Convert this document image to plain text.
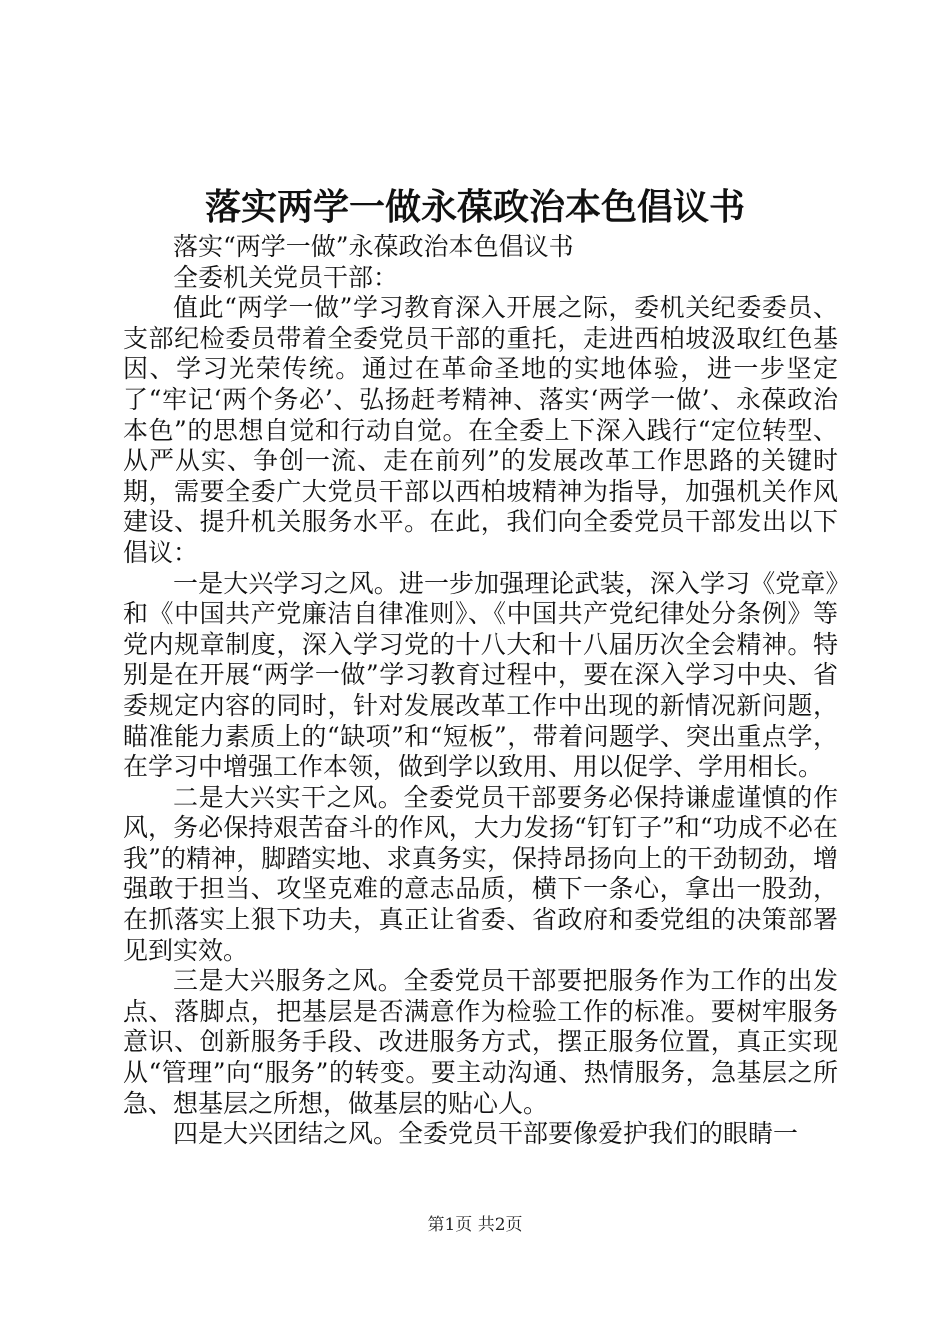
落实两学一做永葆政治本色倡议书

落实“两学一做”永葆政治本色倡议书

全委机关党员干部：

值此“两学一做”学习教育深入开展之际，委机关纪委委员、支部纪检委员带着全委党员干部的重托，走进西柏坡汲取红色基因、学习光荣传统。通过在革命圣地的实地体验，进一步坚定了“牢记‘两个务必’、弘扬赶考精神、落实‘两学一做’、永葆政治本色”的思想自觉和行动自觉。在全委上下深入践行“定位转型、从严从实、争创一流、走在前列”的发展改革工作思路的关键时期，需要全委广大党员干部以西柏坡精神为指导，加强机关作风建设、提升机关服务水平。在此，我们向全委党员干部发出以下倡议：

一是大兴学习之风。进一步加强理论武装，深入学习《党章》和《中国共产党廉洁自律准则》、《中国共产党纪律处分条例》等党内规章制度，深入学习党的十八大和十八届历次全会精神。特别是在开展“两学一做”学习教育过程中，要在深入学习中央、省委规定内容的同时，针对发展改革工作中出现的新情况新问题，瞄准能力素质上的“缺项”和“短板”，带着问题学、突出重点学，在学习中增强工作本领，做到学以致用、用以促学、学用相长。

二是大兴实干之风。全委党员干部要务必保持谦虚谨慎的作风，务必保持艰苦奋斗的作风，大力发扬“钉钉子”和“功成不必在我”的精神，脚踏实地、求真务实，保持昂扬向上的干劲韧劲，增强敢于担当、攻坚克难的意志品质，横下一条心，拿出一股劲，在抓落实上狠下功夫，真正让省委、省政府和委党组的决策部署见到实效。

三是大兴服务之风。全委党员干部要把服务作为工作的出发点、落脚点，把基层是否满意作为检验工作的标准。要树牢服务意识、创新服务手段、改进服务方式，摆正服务位置，真正实现从“管理”向“服务”的转变。要主动沟通、热情服务，急基层之所急、想基层之所想，做基层的贴心人。

四是大兴团结之风。全委党员干部要像爱护我们的眼睛一

第1页 共2页
